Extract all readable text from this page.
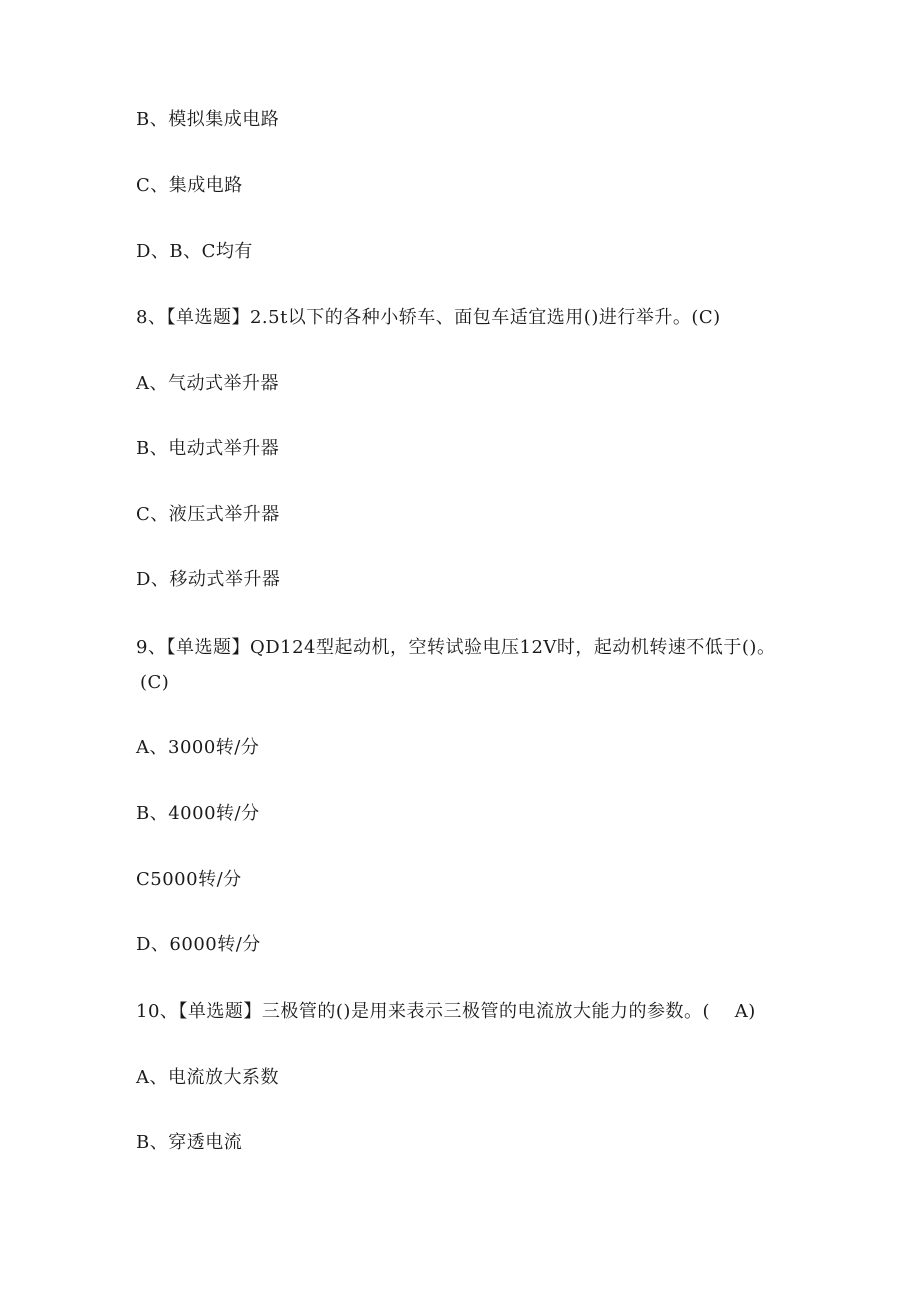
B、模拟集成电路
C、集成电路
D、B、C均有
8、【单选题】2.5t以下的各种小轿车、面包车适宜选用()进行举升。(C)
A、气动式举升器
B、电动式举升器
C、液压式举升器
D、移动式举升器
9、【单选题】QD124型起动机，空转试验电压12V时，起动机转速不低于()。
(C)
A、3000转/分
B、4000转/分
C5000转/分
D、6000转/分
10、【单选题】三极管的()是用来表示三极管的电流放大能力的参数。(　 A)
A、电流放大系数
B、穿透电流
